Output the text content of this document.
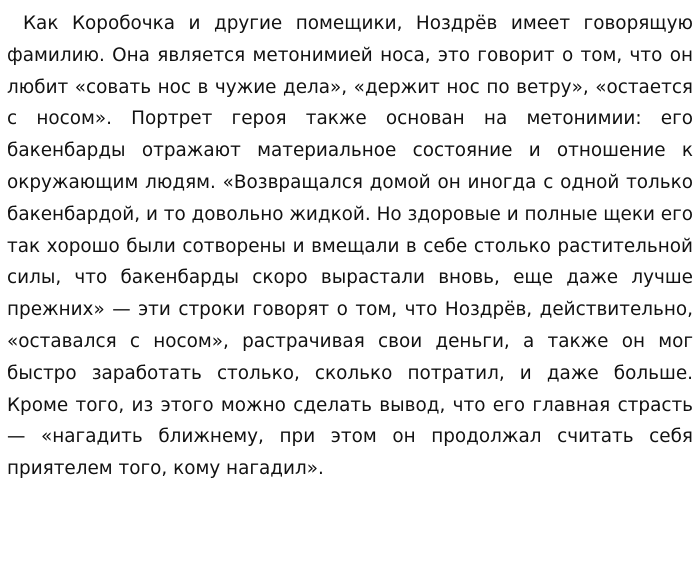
Как Коробочка и другие помещики, Ноздрёв имеет говорящую фамилию. Она является метонимией носа, это говорит о том, что он любит «совать нос в чужие дела», «держит нос по ветру», «остается с носом». Портрет героя также основан на метонимии: его бакенбарды отражают материальное состояние и отношение к окружающим людям. «Возвращался домой он иногда с одной только бакенбардой, и то довольно жидкой. Но здоровые и полные щеки его так хорошо были сотворены и вмещали в себе столько растительной силы, что бакенбарды скоро вырастали вновь, еще даже лучше прежних» — эти строки говорят о том, что Ноздрёв, действительно, «оставался с носом», растрачивая свои деньги, а также он мог быстро заработать столько, сколько потратил, и даже больше. Кроме того, из этого можно сделать вывод, что его главная страсть — «нагадить ближнему, при этом он продолжал считать себя приятелем того, кому нагадил».
